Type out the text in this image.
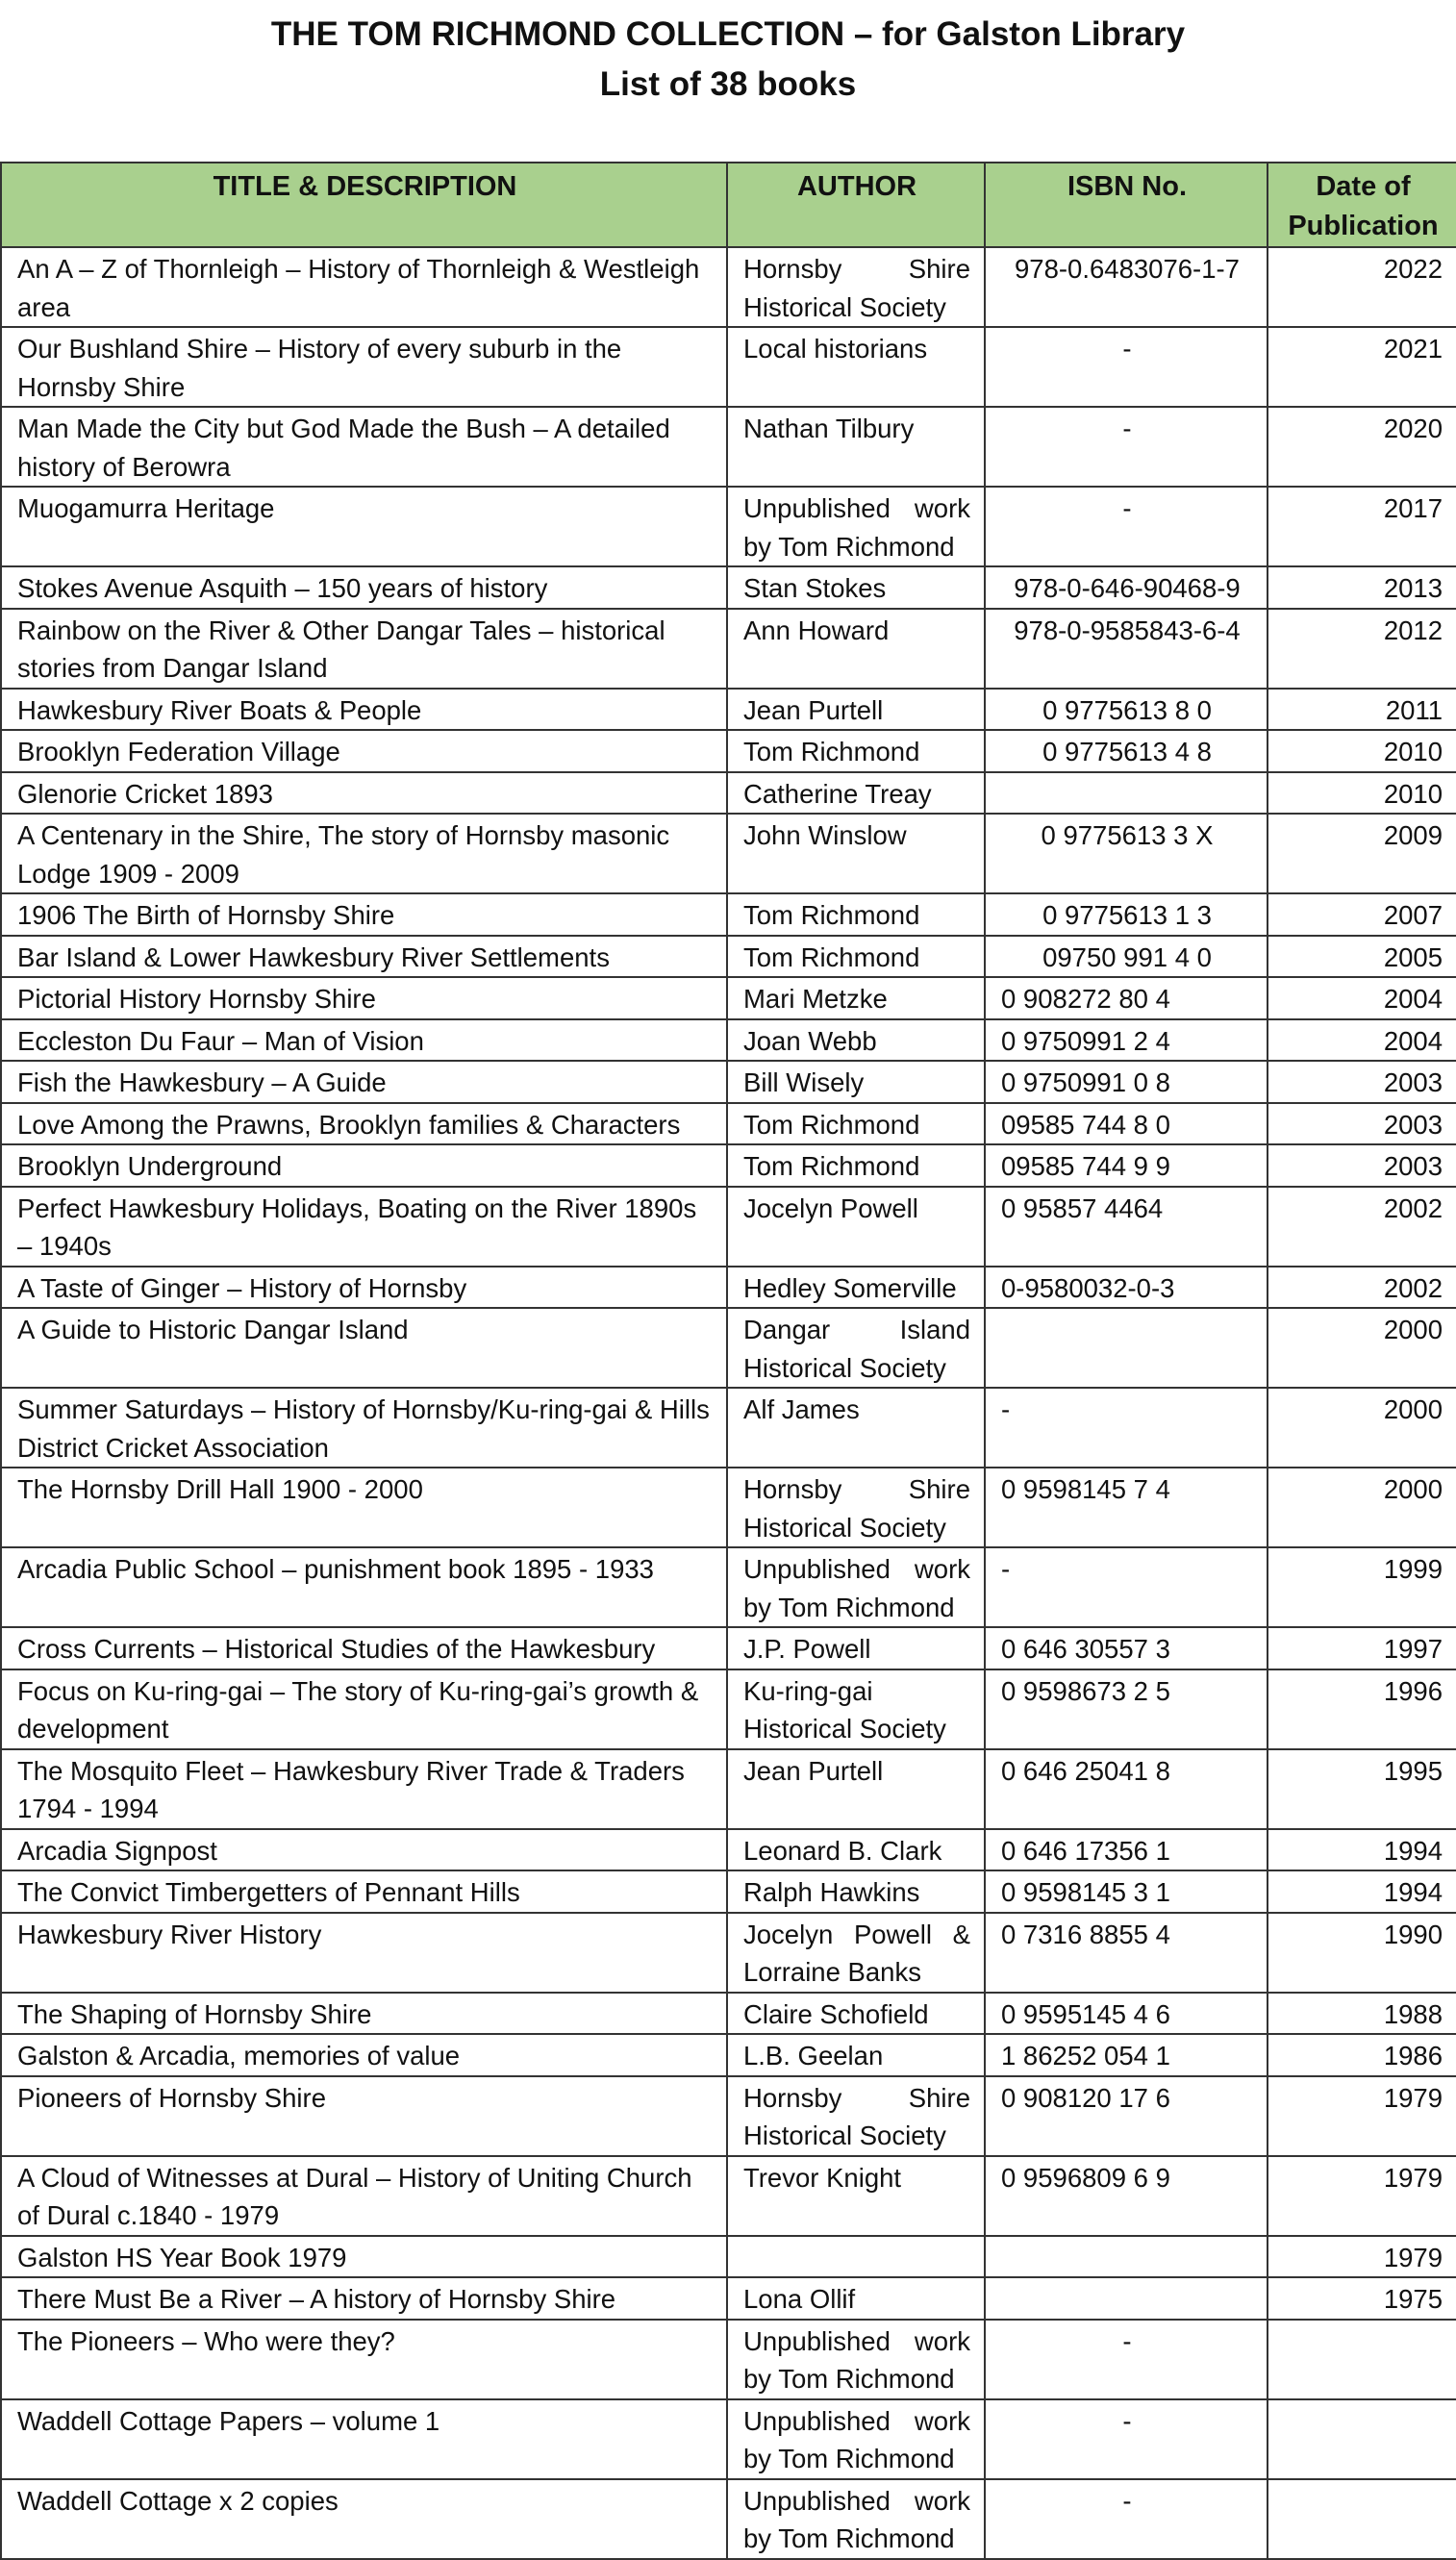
THE TOM RICHMOND COLLECTION – for Galston Library
List of 38 books
TITLE & DESCRIPTION	AUTHOR	ISBN No.	Date of Publication
An A – Z of Thornleigh – History of Thornleigh & Westleigh area	Hornsby Shire Historical Society	978-0.6483076-1-7	2022
Our Bushland Shire – History of every suburb in the Hornsby Shire	Local historians	-	2021
Man Made the City but God Made the Bush – A detailed history of Berowra	Nathan Tilbury	-	2020
Muogamurra Heritage	Unpublished work by Tom Richmond	-	2017
Stokes Avenue Asquith – 150 years of history	Stan Stokes	978-0-646-90468-9	2013
Rainbow on the River & Other Dangar Tales – historical stories from Dangar Island	Ann Howard	978-0-9585843-6-4	2012
Hawkesbury River Boats & People	Jean Purtell	0 9775613 8 0	2011
Brooklyn Federation Village	Tom Richmond	0 9775613 4 8	2010
Glenorie Cricket 1893	Catherine Treay		2010
A Centenary in the Shire, The story of Hornsby masonic Lodge 1909 - 2009	John Winslow	0 9775613 3 X	2009
1906 The Birth of Hornsby Shire	Tom Richmond	0 9775613 1 3	2007
Bar Island & Lower Hawkesbury River Settlements	Tom Richmond	09750 991 4 0	2005
Pictorial History Hornsby Shire	Mari Metzke	0 908272 80 4	2004
Eccleston Du Faur – Man of Vision	Joan Webb	0 9750991 2 4	2004
Fish the Hawkesbury – A Guide	Bill Wisely	0 9750991 0 8	2003
Love Among the Prawns, Brooklyn families & Characters	Tom Richmond	09585 744 8 0	2003
Brooklyn Underground	Tom Richmond	09585 744 9 9	2003
Perfect Hawkesbury Holidays, Boating on the River 1890s – 1940s	Jocelyn Powell	0 95857 4464	2002
A Taste of Ginger – History of Hornsby	Hedley Somerville	0-9580032-0-3	2002
A Guide to Historic Dangar Island	Dangar Island Historical Society		2000
Summer Saturdays – History of Hornsby/Ku-ring-gai & Hills District Cricket Association	Alf James	-	2000
The Hornsby Drill Hall 1900 - 2000	Hornsby Shire Historical Society	0 9598145 7 4	2000
Arcadia Public School – punishment book 1895 - 1933	Unpublished work by Tom Richmond	-	1999
Cross Currents – Historical Studies of the Hawkesbury	J.P. Powell	0 646 30557 3	1997
Focus on Ku-ring-gai – The story of Ku-ring-gai’s growth & development	Ku-ring-gai Historical Society	0 9598673 2 5	1996
The Mosquito Fleet – Hawkesbury River Trade & Traders 1794 - 1994	Jean Purtell	0 646 25041 8	1995
Arcadia Signpost	Leonard B. Clark	0 646 17356 1	1994
The Convict Timbergetters of Pennant Hills	Ralph Hawkins	0 9598145 3 1	1994
Hawkesbury River History	Jocelyn Powell & Lorraine Banks	0 7316 8855 4	1990
The Shaping of Hornsby Shire	Claire Schofield	0 9595145 4 6	1988
Galston & Arcadia, memories of value	L.B. Geelan	1 86252 054 1	1986
Pioneers of Hornsby Shire	Hornsby Shire Historical Society	0 908120 17 6	1979
A Cloud of Witnesses at Dural – History of Uniting Church of Dural c.1840 - 1979	Trevor Knight	0 9596809 6 9	1979
Galston HS Year Book 1979			1979
There Must Be a River – A history of Hornsby Shire	Lona Ollif		1975
The Pioneers – Who were they?	Unpublished work by Tom Richmond	-	
Waddell Cottage Papers – volume 1	Unpublished work by Tom Richmond	-	
Waddell Cottage x 2 copies	Unpublished work by Tom Richmond	-	
